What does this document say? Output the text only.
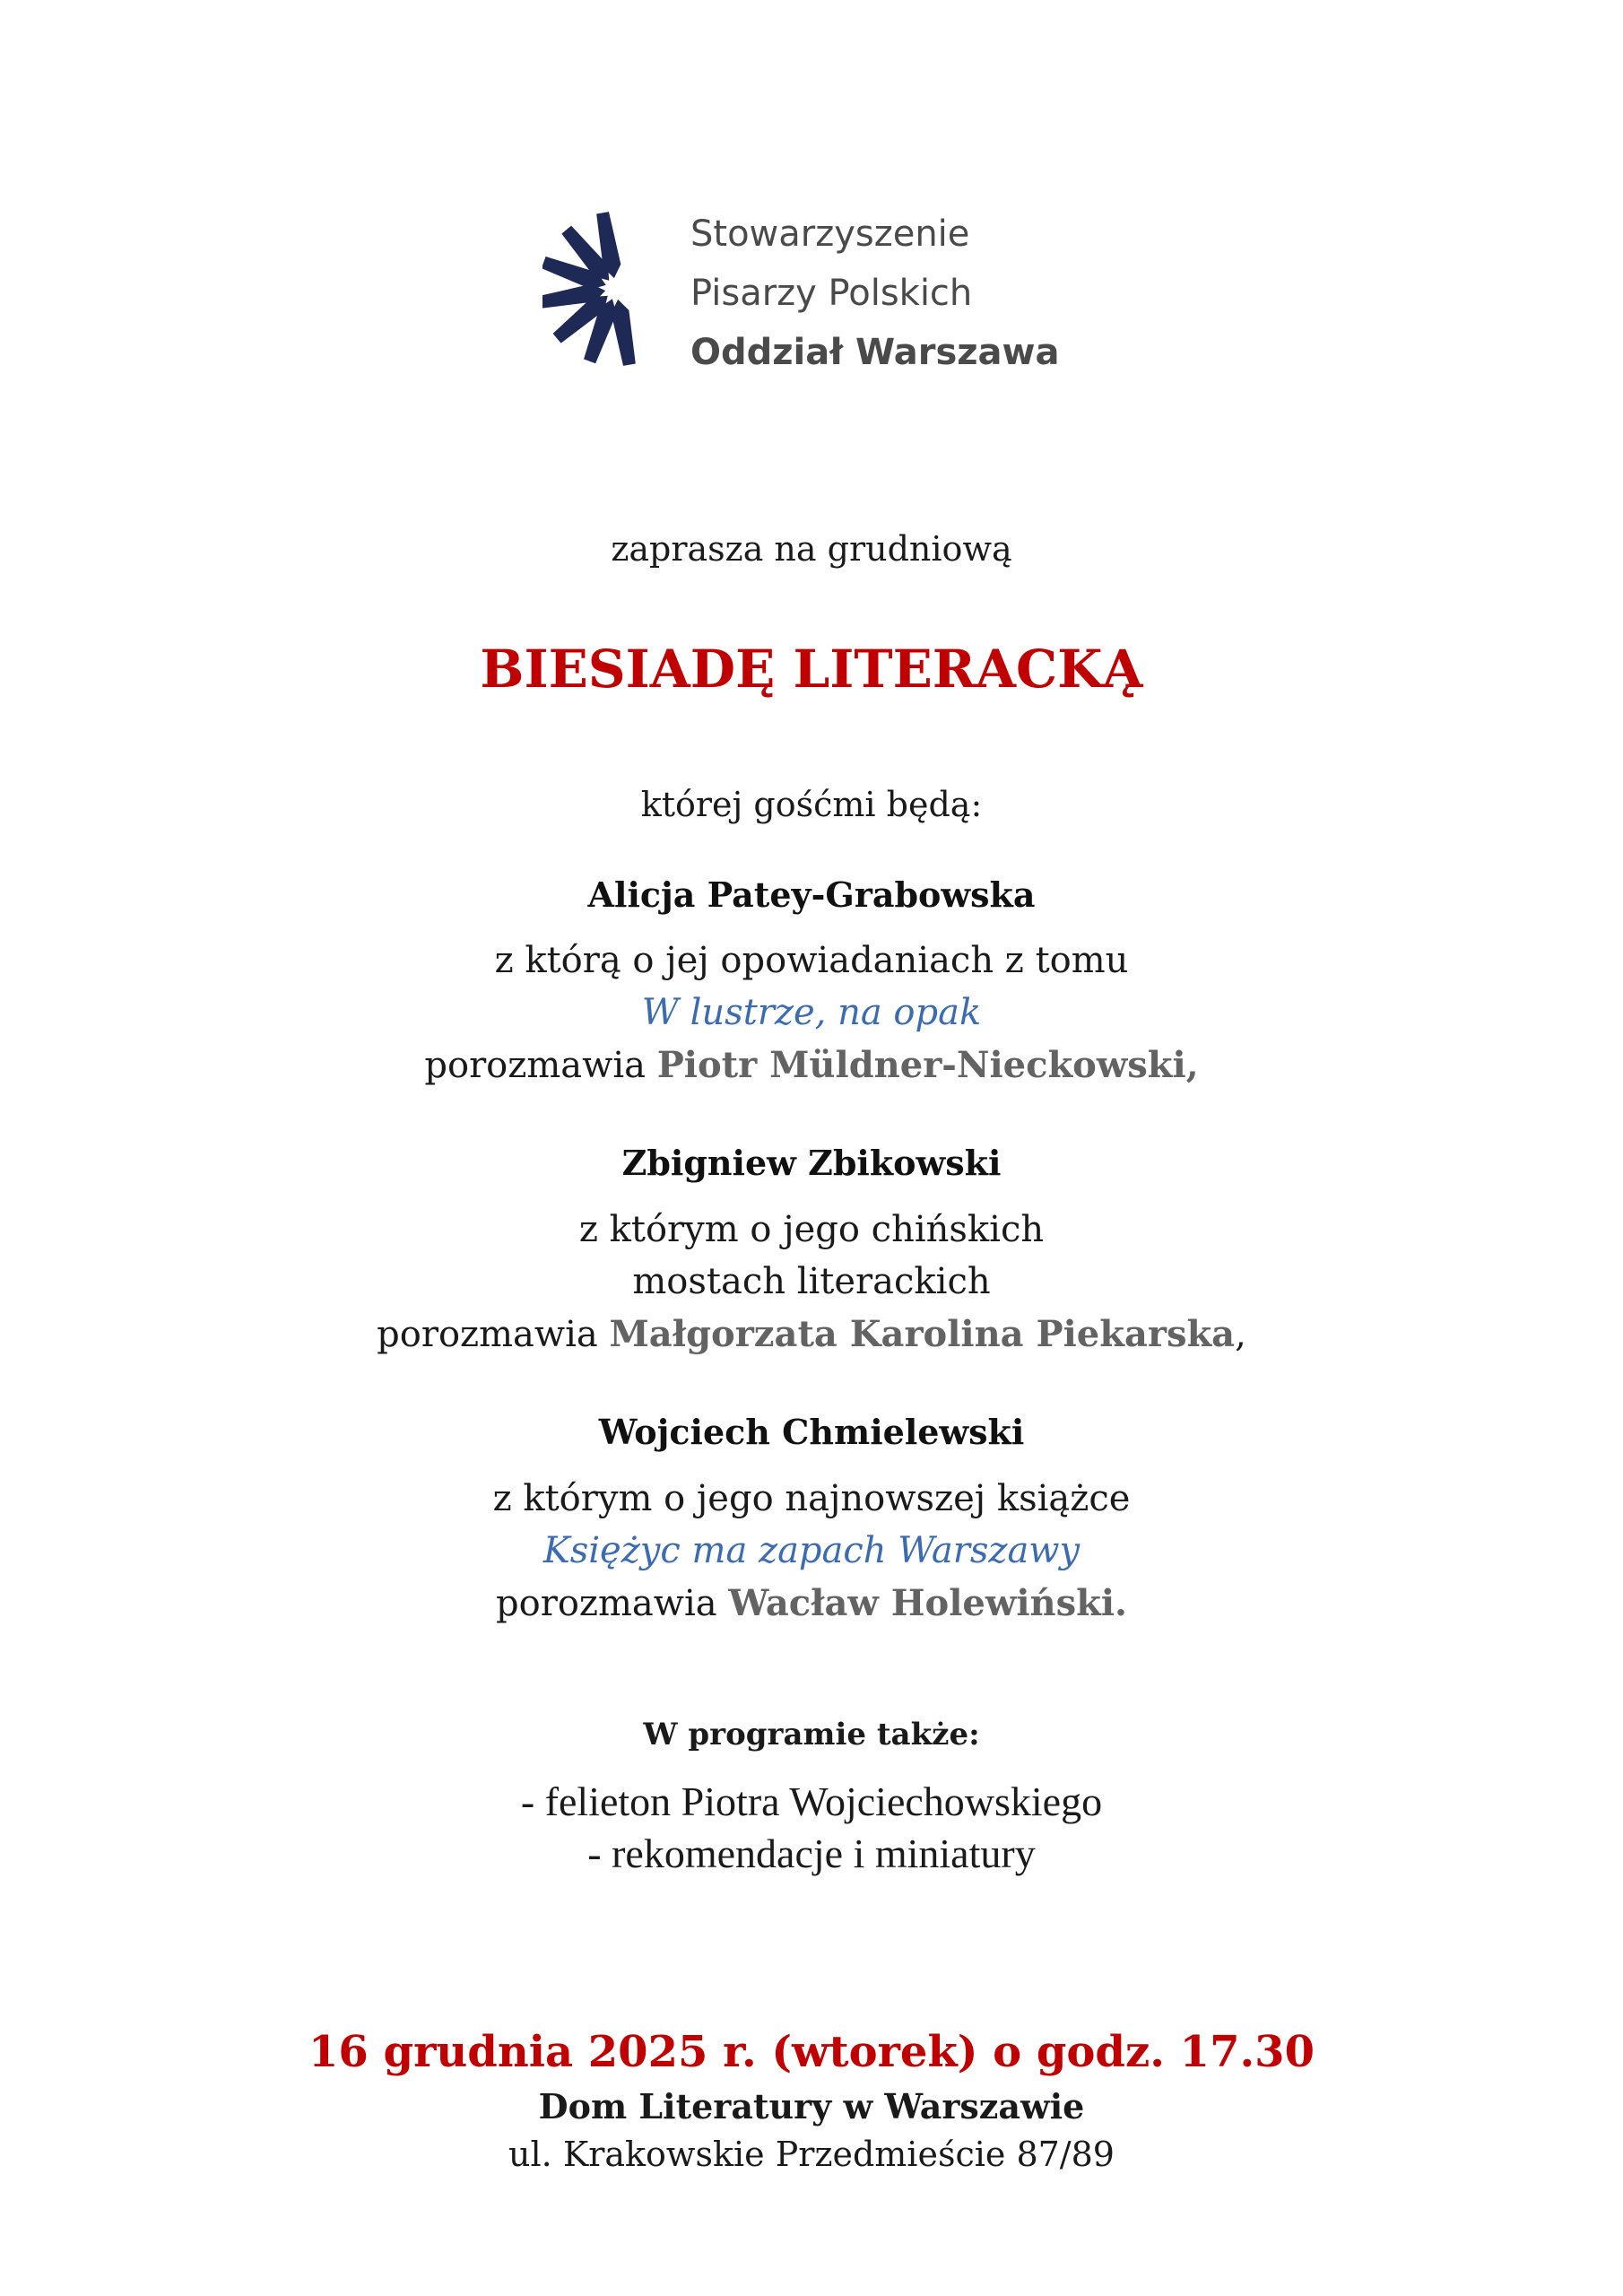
Stowarzyszenie
Pisarzy Polskich
Oddział Warszawa
zaprasza na grudniową
BIESIADĘ LITERACKĄ
której gośćmi będą:
Alicja Patey-Grabowska
z którą o jej opowiadaniach z tomu
W lustrze, na opak
porozmawia Piotr Müldner-Nieckowski,
Zbigniew Zbikowski
z którym o jego chińskich
mostach literackich
porozmawia Małgorzata Karolina Piekarska,
Wojciech Chmielewski
z którym o jego najnowszej książce
Księżyc ma zapach Warszawy
porozmawia Wacław Holewiński.
W programie także:
- felieton Piotra Wojciechowskiego
- rekomendacje i miniatury
16 grudnia 2025 r. (wtorek) o godz. 17.30
Dom Literatury w Warszawie
ul. Krakowskie Przedmieście 87/89
